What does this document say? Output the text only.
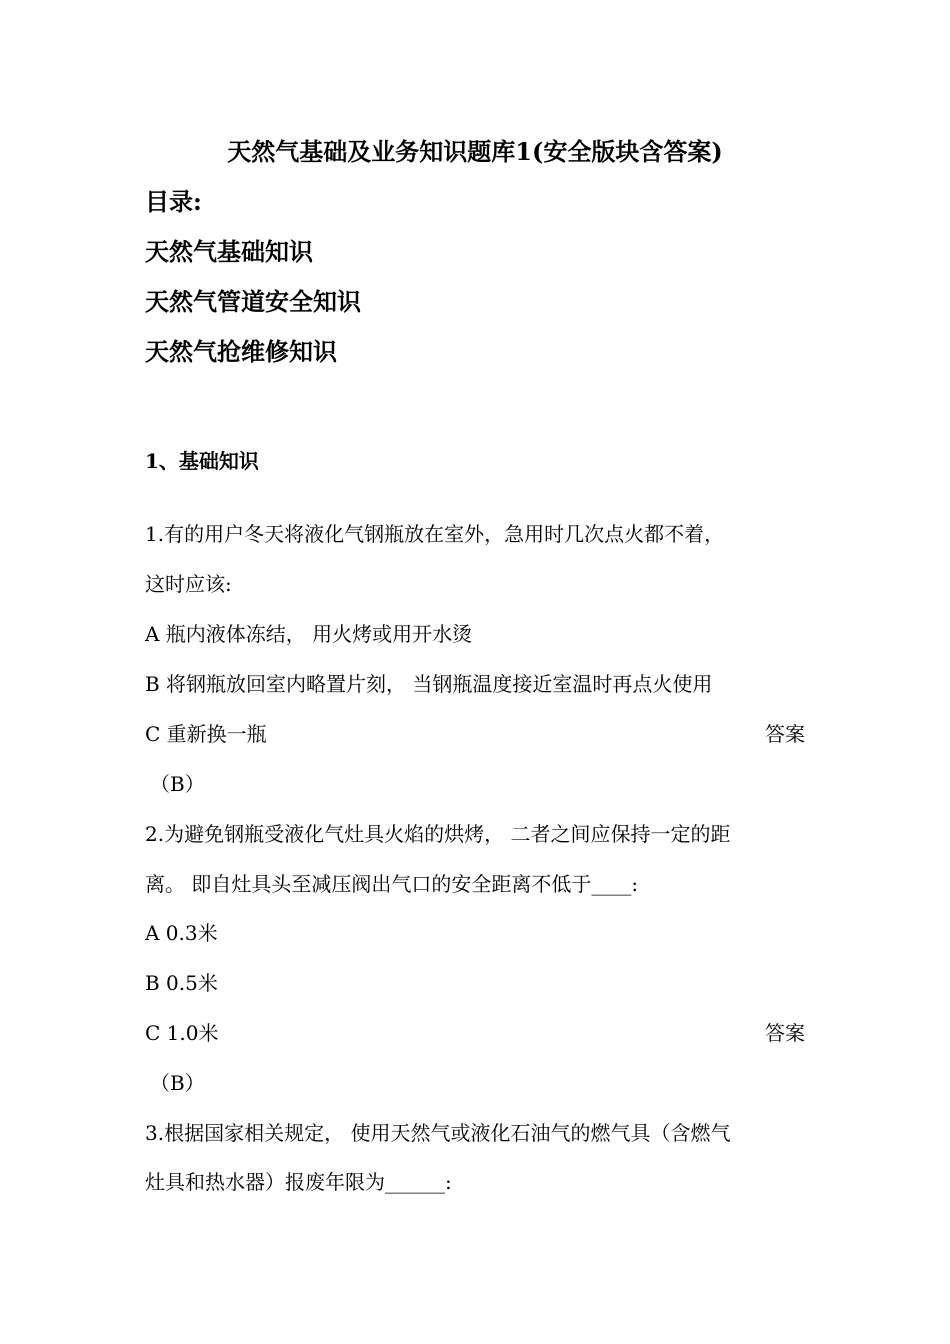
天然气基础及业务知识题库1(安全版块含答案)
目录:
天然气基础知识
天然气管道安全知识
天然气抢维修知识
1、基础知识
1.有的用户冬天将液化气钢瓶放在室外，急用时几次点火都不着，
这时应该:
A 瓶内液体冻结， 用火烤或用开水烫
B 将钢瓶放回室内略置片刻， 当钢瓶温度接近室温时再点火使用
C 重新换一瓶	答案
（B）
2.为避免钢瓶受液化气灶具火焰的烘烤， 二者之间应保持一定的距
离。 即自灶具头至减压阀出气口的安全距离不低于____:
A 0.3米
B 0.5米
C 1.0米	答案
（B）
3.根据国家相关规定， 使用天然气或液化石油气的燃气具（含燃气
灶具和热水器）报废年限为______:
